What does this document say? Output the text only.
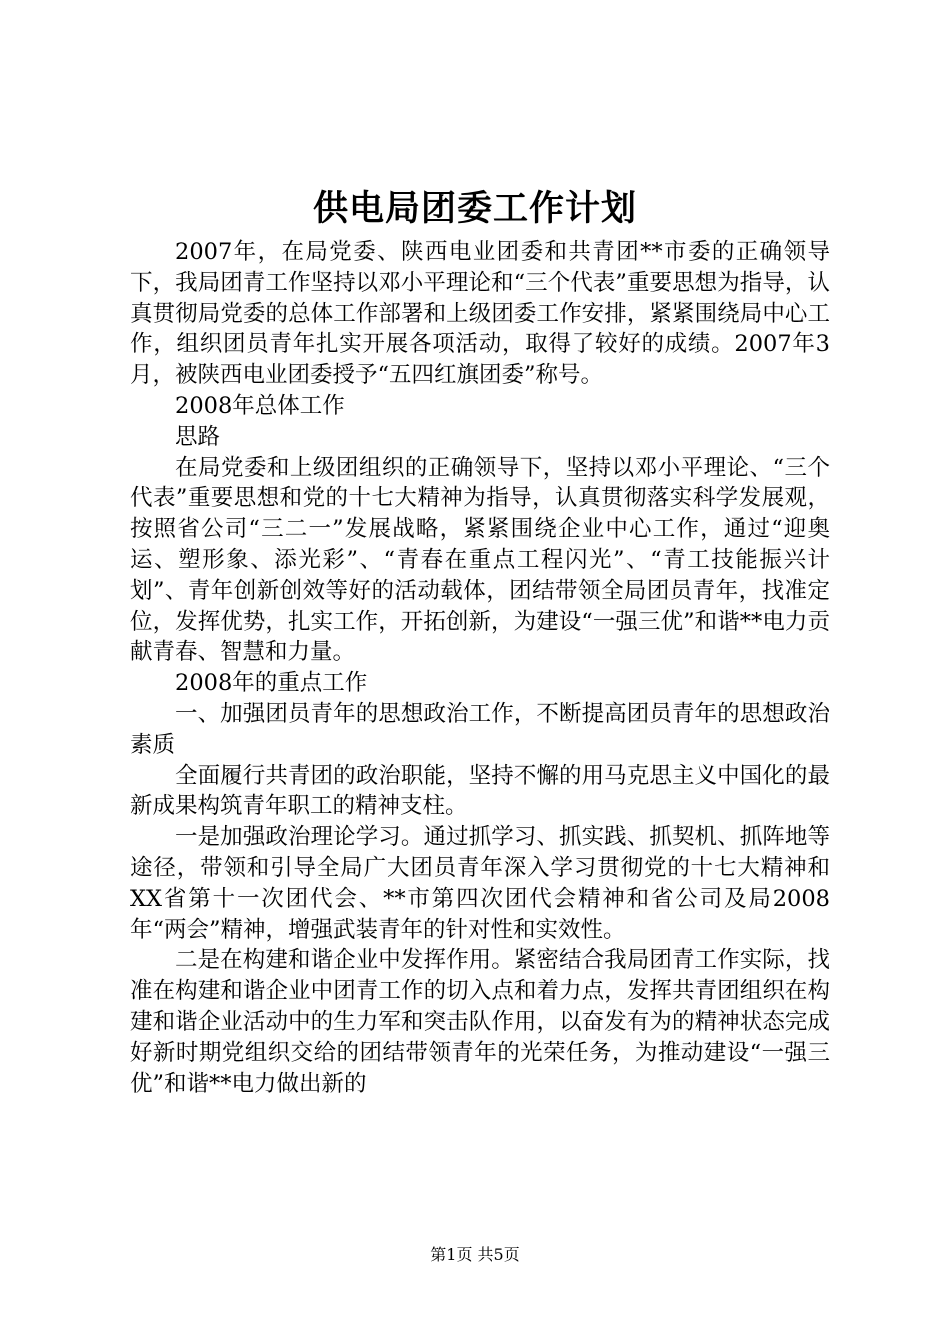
供电局团委工作计划

2007年，在局党委、陕西电业团委和共青团**市委的正确领导下，我局团青工作坚持以邓小平理论和“三个代表”重要思想为指导，认真贯彻局党委的总体工作部署和上级团委工作安排，紧紧围绕局中心工作，组织团员青年扎实开展各项活动，取得了较好的成绩。2007年3月，被陕西电业团委授予“五四红旗团委”称号。

2008年总体工作

思路

在局党委和上级团组织的正确领导下，坚持以邓小平理论、“三个代表”重要思想和党的十七大精神为指导，认真贯彻落实科学发展观，按照省公司“三二一”发展战略，紧紧围绕企业中心工作，通过“迎奥运、塑形象、添光彩”、“青春在重点工程闪光”、“青工技能振兴计划”、青年创新创效等好的活动载体，团结带领全局团员青年，找准定位，发挥优势，扎实工作，开拓创新，为建设“一强三优”和谐**电力贡献青春、智慧和力量。

2008年的重点工作

一、加强团员青年的思想政治工作，不断提高团员青年的思想政治素质

全面履行共青团的政治职能，坚持不懈的用马克思主义中国化的最新成果构筑青年职工的精神支柱。

一是加强政治理论学习。通过抓学习、抓实践、抓契机、抓阵地等途径，带领和引导全局广大团员青年深入学习贯彻党的十七大精神和XX省第十一次团代会、**市第四次团代会精神和省公司及局2008年“两会”精神，增强武装青年的针对性和实效性。

二是在构建和谐企业中发挥作用。紧密结合我局团青工作实际，找准在构建和谐企业中团青工作的切入点和着力点，发挥共青团组织在构建和谐企业活动中的生力军和突击队作用，以奋发有为的精神状态完成好新时期党组织交给的团结带领青年的光荣任务，为推动建设“一强三优”和谐**电力做出新的

第1页 共5页
